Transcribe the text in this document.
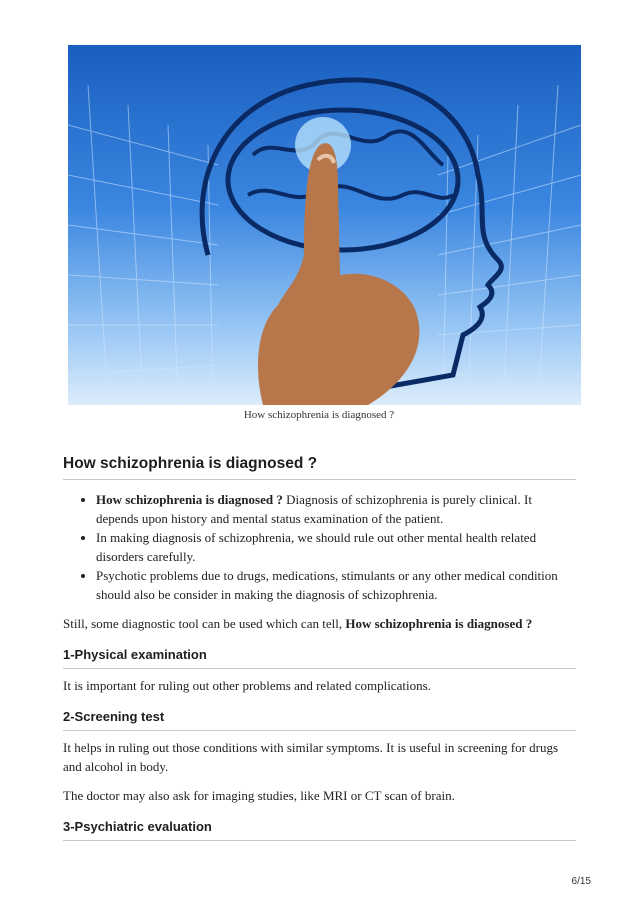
How schizophrenia is diagnosed ?
How schizophrenia is diagnosed ?
• How schizophrenia is diagnosed ? Diagnosis of schizophrenia is purely clinical. It depends upon history and mental status examination of the patient.
• In making diagnosis of schizophrenia, we should rule out other mental health related disorders carefully.
• Psychotic problems due to drugs, medications, stimulants or any other medical condition should also be consider in making the diagnosis of schizophrenia.

Still, some diagnostic tool can be used which can tell, How schizophrenia is diagnosed ?

1-Physical examination

It is important for ruling out other problems and related complications.

2-Screening test

It helps in ruling out those conditions with similar symptoms. It is useful in screening for drugs and alcohol in body.

The doctor may also ask for imaging studies, like MRI or CT scan of brain.

3-Psychiatric evaluation
6/15
